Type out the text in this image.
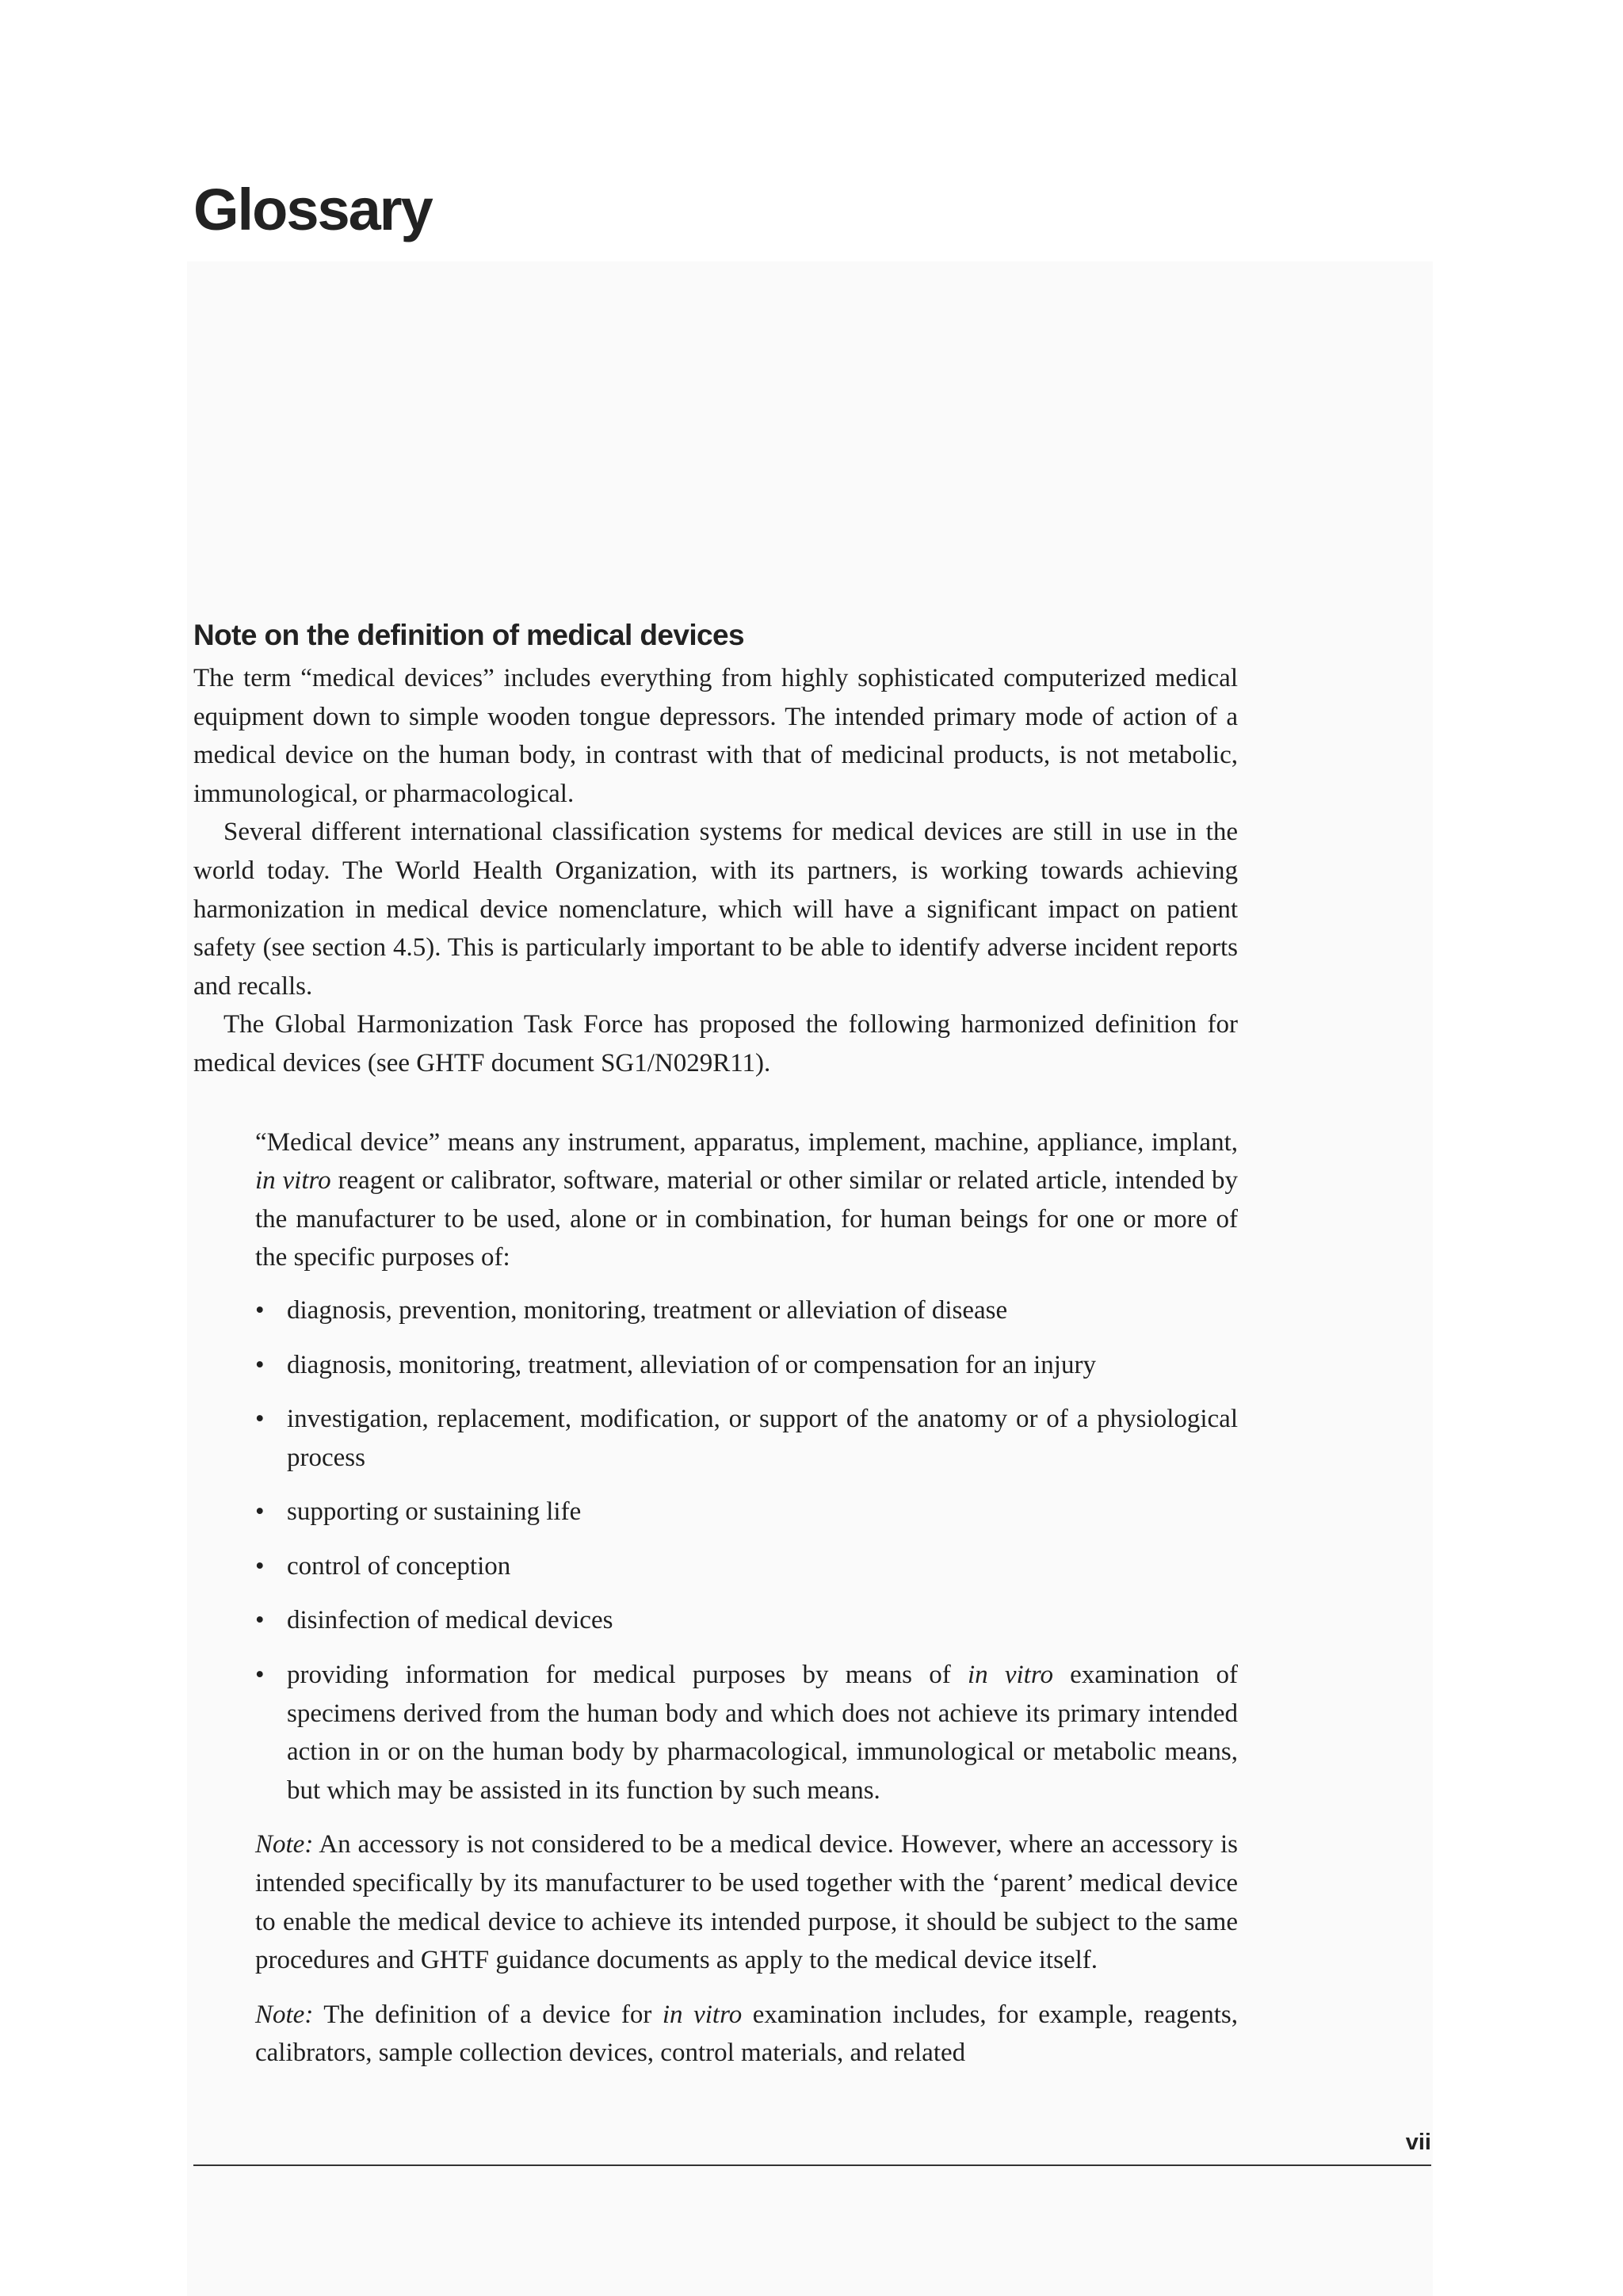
Glossary
Note on the definition of medical devices

The term “medical devices” includes everything from highly sophisticated computerized medical equipment down to simple wooden tongue depressors. The intended primary mode of action of a medical device on the human body, in contrast with that of medicinal products, is not metabolic, immunological, or pharmacological.

Several different international classification systems for medical devices are still in use in the world today. The World Health Organization, with its partners, is working towards achieving harmonization in medical device nomenclature, which will have a significant impact on patient safety (see section 4.5). This is particularly important to be able to identify adverse incident reports and recalls.

The Global Harmonization Task Force has proposed the following harmonized definition for medical devices (see GHTF document SG1/N029R11).

“Medical device” means any instrument, apparatus, implement, machine, appliance, implant, in vitro reagent or calibrator, software, material or other similar or related article, intended by the manufacturer to be used, alone or in combination, for human beings for one or more of the specific purposes of:

• diagnosis, prevention, monitoring, treatment or alleviation of disease
• diagnosis, monitoring, treatment, alleviation of or compensation for an injury
• investigation, replacement, modification, or support of the anatomy or of a physiological process
• supporting or sustaining life
• control of conception
• disinfection of medical devices
• providing information for medical purposes by means of in vitro examination of specimens derived from the human body and which does not achieve its primary intended action in or on the human body by pharmacological, immunological or metabolic means, but which may be assisted in its function by such means.

Note: An accessory is not considered to be a medical device. However, where an accessory is intended specifically by its manufacturer to be used together with the ‘parent’ medical device to enable the medical device to achieve its intended purpose, it should be subject to the same procedures and GHTF guidance documents as apply to the medical device itself.

Note: The definition of a device for in vitro examination includes, for example, reagents, calibrators, sample collection devices, control materials, and related

vii
